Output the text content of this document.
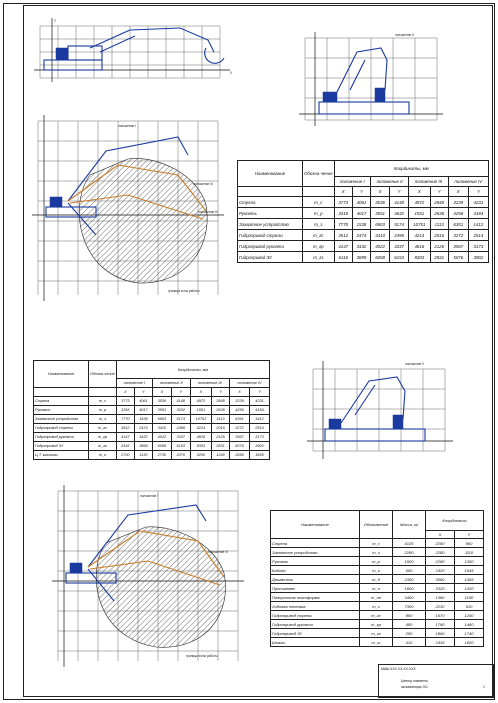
X
Y
положение II
положение I
положение III
положение IV
граница зоны работы
Наименование	Обозна-чение	Координаты, мм							
		положение I		положение II		положение III		положение IV	
		X	Y	X	Y	X	Y	X	Y
Стрела	m_c	3773	4061	3536	4148	4972	2848	3239	4231
Рукоять	m_р	3316	4017	3551	3632	1551	2636	4256	4184
Захватное устройство	m_з	7770	1538	6903	5174	10751	1113	6351	1412
Гидропривод стрелы	m_гс	3512	2474	3410	2496	4214	2016	3272	2514
Гидропривод рукояти	m_гр	4147	3432	4022	3337	4816	2126	3567	3173
Гидропривод ЗУ	m_гз	6116	3899	6058	6153	8303	2831	5076	3902
Наименование	Обозна-чение	Координаты, мм							
		положение I		положение II		положение III		положение IV	
		X	Y	X	Y	X	Y	X	Y
Стрела	m_c	3773	4061	3536	4148	4972	2848	3239	4231
Рукоять	m_р	3316	4017	3551	3632	1551	2636	4256	4184
Захватное устройство	m_з	7770	1538	6903	5174	10751	1113	6351	1412
Гидропривод стрелы	m_гс	3512	2474	3410	2496	4214	2016	3272	2514
Гидропривод рукояти	m_гр	4147	3432	4022	3337	4816	2126	3567	3173
Гидропривод ЗУ	m_гз	6116	3899	6058	6153	8303	2831	5076	3902
Ц.Т. машины	m_o	2720	1130	2730	2070	3200	1240	2650	1655
положение II
положение I
положение III
граница зоны работы
Наименование	Обозначение	Масса, кг	Координаты	
			X	Y
Стрела	m_c	4125	2280	960
Захватное устройство	m_з	2280	2280	1110
Рукоять	m_р	1500	2280	1350
Кабина	m_к	600	2420	1545
Двигатель	m_д	2300	3060	1455
Противовес	m_п	1600	3320	1320
Поворотная платформа	m_пп	3400	1380	1150
Ходовая тележка	m_х	7300	2230	910
Гидропривод стрелы	m_гс	800	1670	1250
Гидропривод рукояти	m_гр	400	1790	1460
Гидропривод ЗУ	m_гз	250	1860	1740
Шпалы	m_ш	410	2435	1620
МАШ.ХХХ.ХХ.ХХ.ХХХ
Центр тяжести
экскаватора ЭО-	1
